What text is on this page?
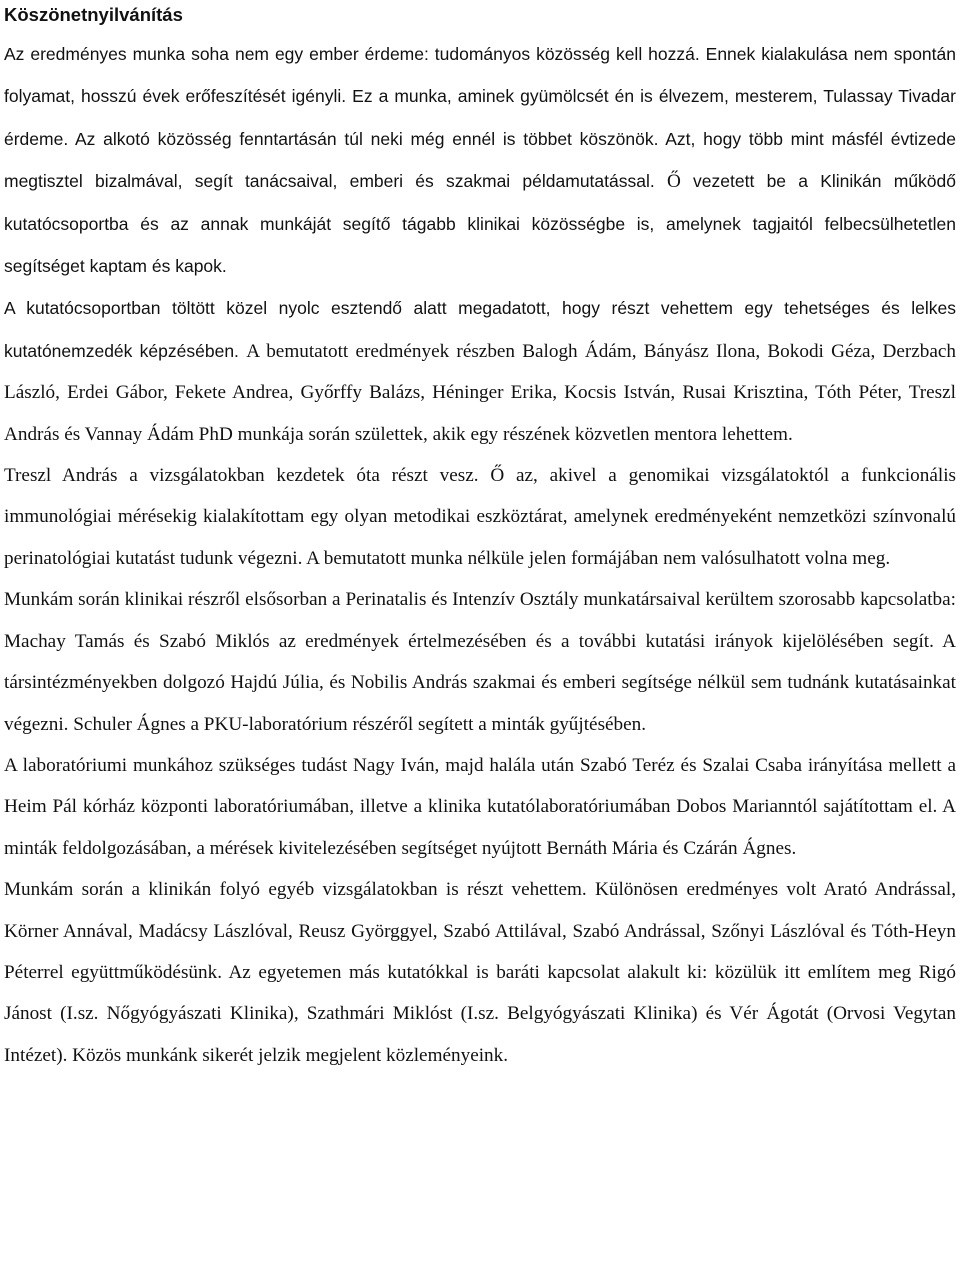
Köszönetnyilvánítás

Az eredményes munka soha nem egy ember érdeme: tudományos közösség kell hozzá. Ennek kialakulása nem spontán folyamat, hosszú évek erőfeszítését igényli. Ez a munka, aminek gyümölcsét én is élvezem, mesterem, Tulassay Tivadar érdeme. Az alkotó közösség fenntartásán túl neki még ennél is többet köszönök. Azt, hogy több mint másfél évtizede megtisztel bizalmával, segít tanácsaival, emberi és szakmai példamutatással. Ő vezetett be a Klinikán működő kutatócsoportba és az annak munkáját segítő tágabb klinikai közösségbe is, amelynek tagjaitól felbecsülhetetlen segítséget kaptam és kapok.

A kutatócsoportban töltött közel nyolc esztendő alatt megadatott, hogy részt vehettem egy tehetséges és lelkes kutatónemzedék képzésében. A bemutatott eredmények részben Balogh Ádám, Bányász Ilona, Bokodi Géza, Derzbach László, Erdei Gábor, Fekete Andrea, Győrffy Balázs, Héninger Erika, Kocsis István, Rusai Krisztina, Tóth Péter, Treszl András és Vannay Ádám PhD munkája során születtek, akik egy részének közvetlen mentora lehettem.

Treszl András a vizsgálatokban kezdetek óta részt vesz. Ő az, akivel a genomikai vizsgálatoktól a funkcionális immunológiai mérésekig kialakítottam egy olyan metodikai eszköztárat, amelynek eredményeként nemzetközi színvonalú perinatológiai kutatást tudunk végezni. A bemutatott munka nélküle jelen formájában nem valósulhatott volna meg.

Munkám során klinikai részről elsősorban a Perinatalis és Intenzív Osztály munkatársaival kerültem szorosabb kapcsolatba: Machay Tamás és Szabó Miklós az eredmények értelmezésében és a további kutatási irányok kijelölésében segít. A társintézményekben dolgozó Hajdú Júlia, és Nobilis András szakmai és emberi segítsége nélkül sem tudnánk kutatásainkat végezni. Schuler Ágnes a PKU-laboratórium részéről segített a minták gyűjtésében.

A laboratóriumi munkához szükséges tudást Nagy Iván, majd halála után Szabó Teréz és Szalai Csaba irányítása mellett a Heim Pál kórház központi laboratóriumában, illetve a klinika kutatólaboratóriumában Dobos Marianntól sajátítottam el. A minták feldolgozásában, a mérések kivitelezésében segítséget nyújtott Bernáth Mária és Czárán Ágnes.

Munkám során a klinikán folyó egyéb vizsgálatokban is részt vehettem. Különösen eredményes volt Arató Andrással, Körner Annával, Madácsy Lászlóval, Reusz Györggyel, Szabó Attilával, Szabó Andrással, Szőnyi Lászlóval és Tóth-Heyn Péterrel együttműködésünk. Az egyetemen más kutatókkal is baráti kapcsolat alakult ki: közülük itt említem meg Rigó Jánost (I.sz. Nőgyógyászati Klinika), Szathmári Miklóst (I.sz. Belgyógyászati Klinika) és Vér Ágotát (Orvosi Vegytan Intézet). Közös munkánk sikerét jelzik megjelent közleményeink.
